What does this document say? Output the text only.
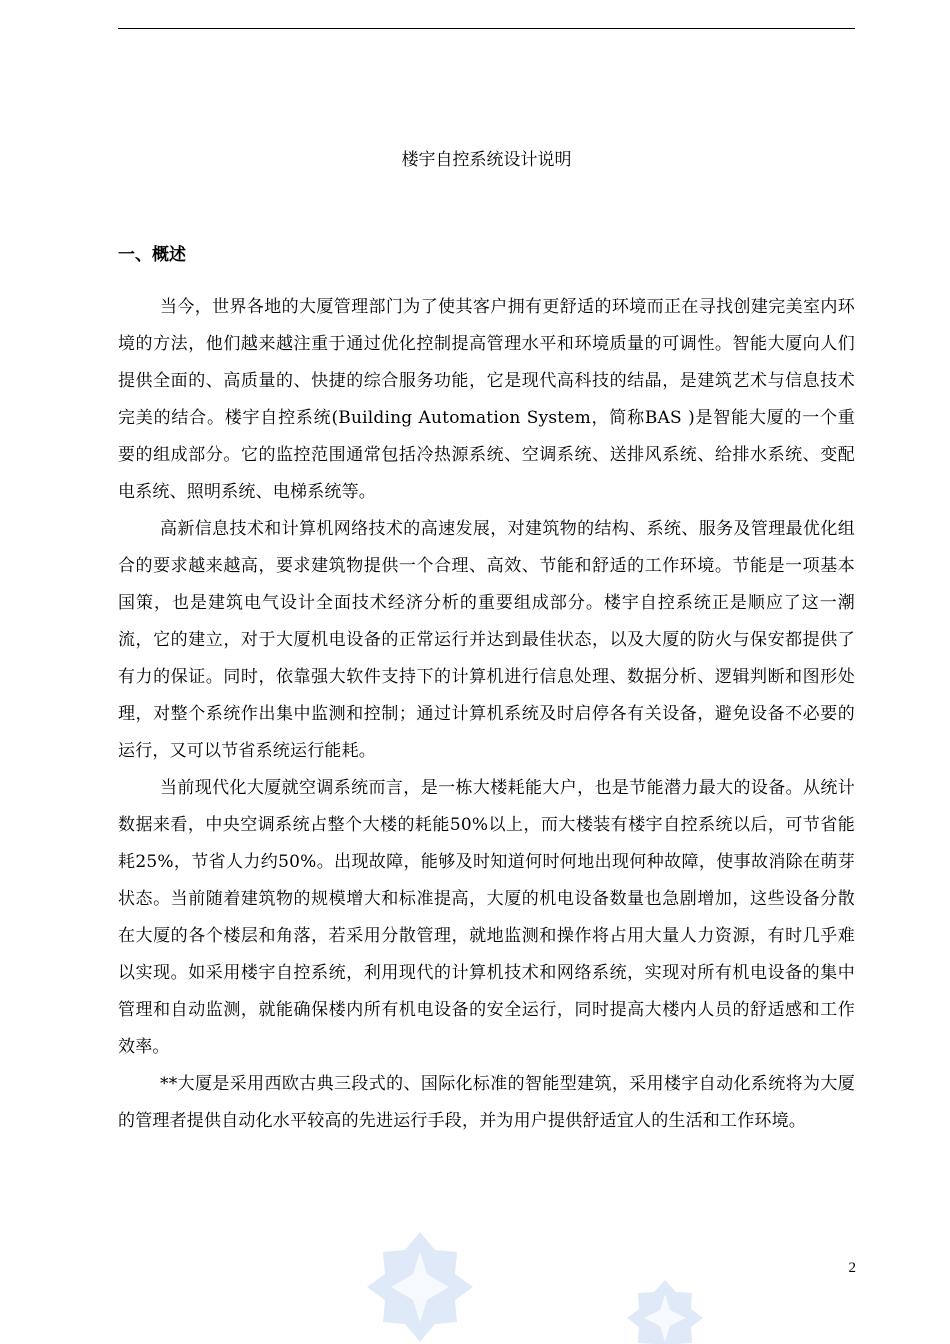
楼宇自控系统设计说明
一、概述

当今，世界各地的大厦管理部门为了使其客户拥有更舒适的环境而正在寻找创建完美室内环境的方法，他们越来越注重于通过优化控制提高管理水平和环境质量的可调性。智能大厦向人们提供全面的、高质量的、快捷的综合服务功能，它是现代高科技的结晶，是建筑艺术与信息技术完美的结合。楼宇自控系统(Building Automation System，简称BAS )是智能大厦的一个重要的组成部分。它的监控范围通常包括冷热源系统、空调系统、送排风系统、给排水系统、变配电系统、照明系统、电梯系统等。

高新信息技术和计算机网络技术的高速发展，对建筑物的结构、系统、服务及管理最优化组合的要求越来越高，要求建筑物提供一个合理、高效、节能和舒适的工作环境。节能是一项基本国策，也是建筑电气设计全面技术经济分析的重要组成部分。楼宇自控系统正是顺应了这一潮流，它的建立，对于大厦机电设备的正常运行并达到最佳状态，以及大厦的防火与保安都提供了有力的保证。同时，依靠强大软件支持下的计算机进行信息处理、数据分析、逻辑判断和图形处理，对整个系统作出集中监测和控制；通过计算机系统及时启停各有关设备，避免设备不必要的运行，又可以节省系统运行能耗。

当前现代化大厦就空调系统而言，是一栋大楼耗能大户，也是节能潜力最大的设备。从统计数据来看，中央空调系统占整个大楼的耗能50%以上，而大楼装有楼宇自控系统以后，可节省能耗25%，节省人力约50%。出现故障，能够及时知道何时何地出现何种故障，使事故消除在萌芽状态。当前随着建筑物的规模增大和标准提高，大厦的机电设备数量也急剧增加，这些设备分散在大厦的各个楼层和角落，若采用分散管理，就地监测和操作将占用大量人力资源，有时几乎难以实现。如采用楼宇自控系统，利用现代的计算机技术和网络系统，实现对所有机电设备的集中管理和自动监测，就能确保楼内所有机电设备的安全运行，同时提高大楼内人员的舒适感和工作效率。

**大厦是采用西欧古典三段式的、国际化标准的智能型建筑，采用楼宇自动化系统将为大厦的管理者提供自动化水平较高的先进运行手段，并为用户提供舒适宜人的生活和工作环境。

2
